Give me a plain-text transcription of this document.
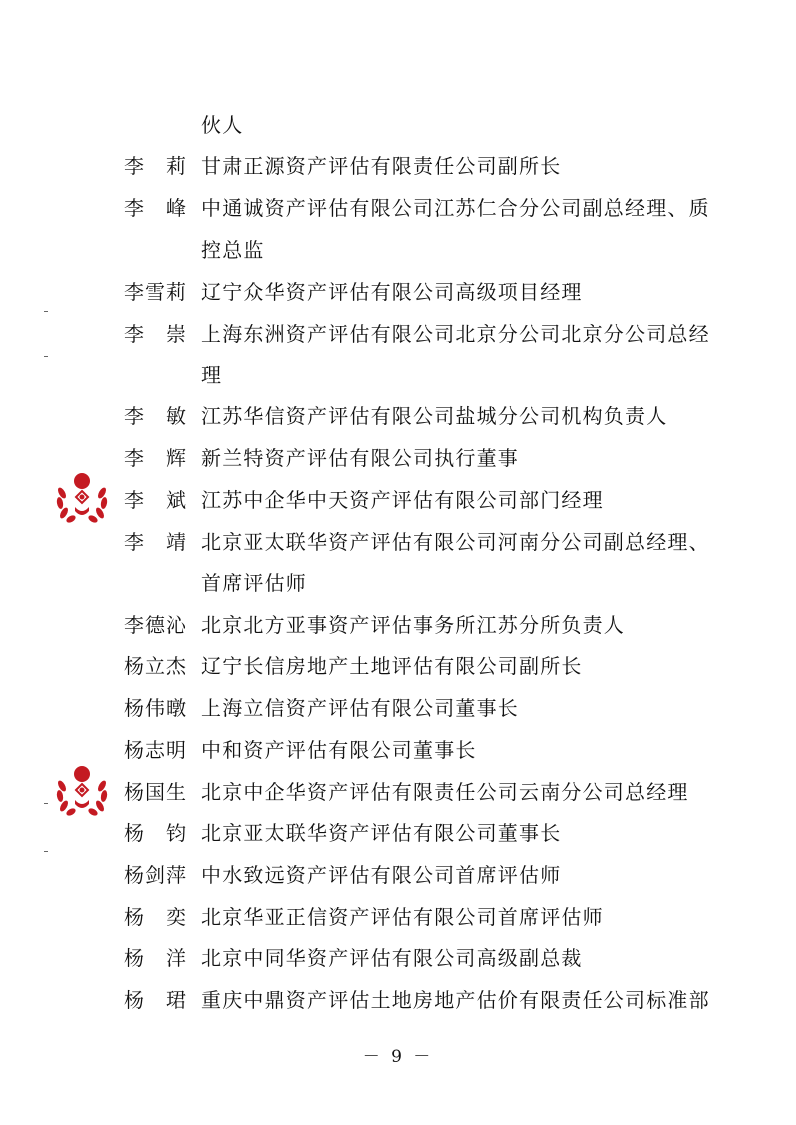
伙人
李　莉 甘肃正源资产评估有限责任公司副所长
李　峰 中通诚资产评估有限公司江苏仁合分公司副总经理、质
控总监
李雪莉 辽宁众华资产评估有限公司高级项目经理
李　崇 上海东洲资产评估有限公司北京分公司北京分公司总经
理
李　敏 江苏华信资产评估有限公司盐城分公司机构负责人
李　辉 新兰特资产评估有限公司执行董事
李　斌 江苏中企华中天资产评估有限公司部门经理
李　靖 北京亚太联华资产评估有限公司河南分公司副总经理、
首席评估师
李德沁 北京北方亚事资产评估事务所江苏分所负责人
杨立杰 辽宁长信房地产土地评估有限公司副所长
杨伟暾 上海立信资产评估有限公司董事长
杨志明 中和资产评估有限公司董事长
杨国生 北京中企华资产评估有限责任公司云南分公司总经理
杨　钧 北京亚太联华资产评估有限公司董事长
杨剑萍 中水致远资产评估有限公司首席评估师
杨　奕 北京华亚正信资产评估有限公司首席评估师
杨　洋 北京中同华资产评估有限公司高级副总裁
杨　珺 重庆中鼎资产评估土地房地产估价有限责任公司标准部
－ 9 －
